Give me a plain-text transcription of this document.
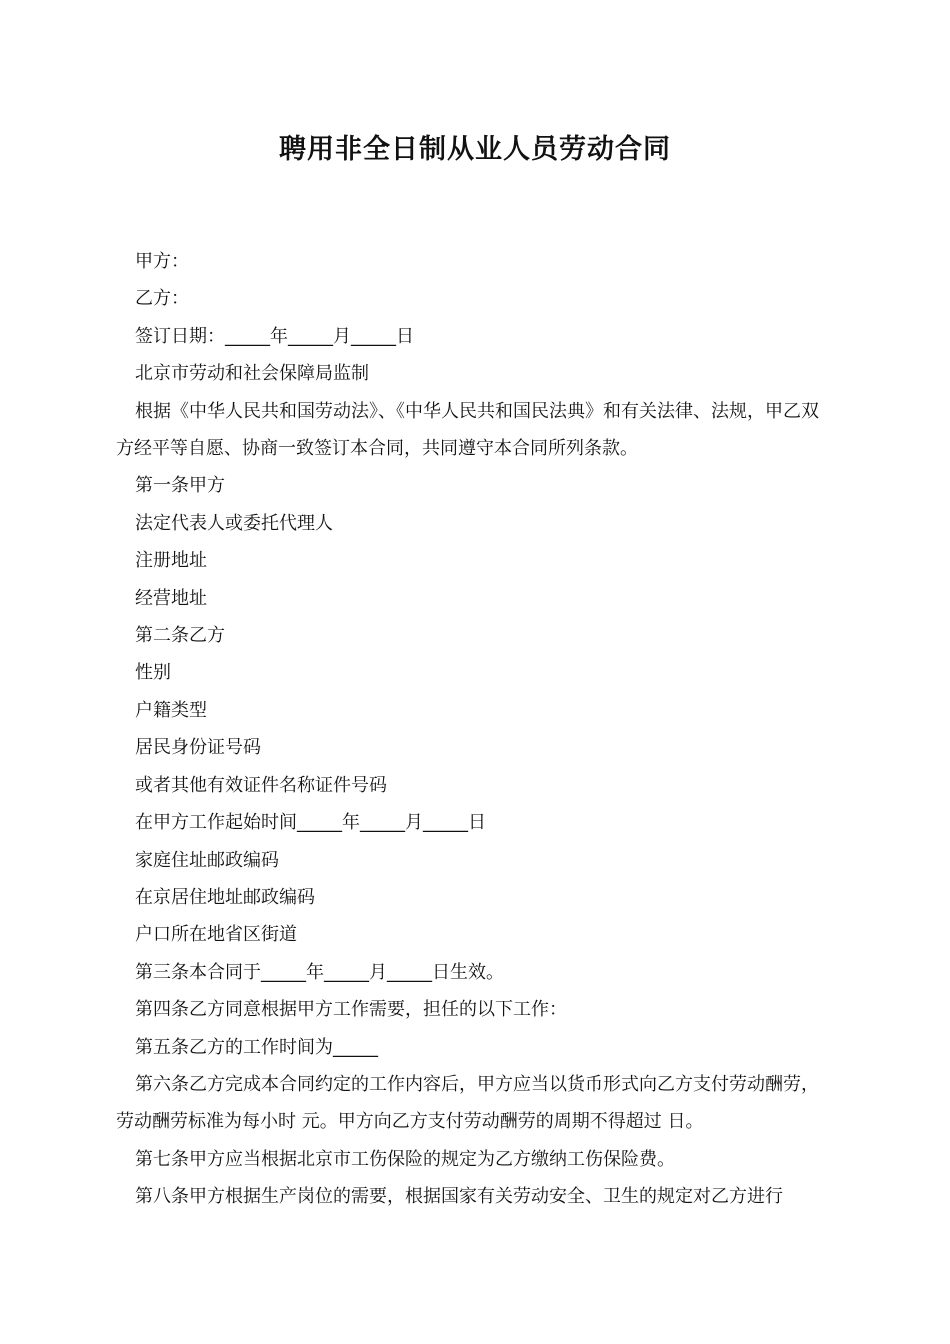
聘用非全日制从业人员劳动合同

甲方：

乙方：

签订日期：_____年_____月_____日

北京市劳动和社会保障局监制

根据《中华人民共和国劳动法》、《中华人民共和国民法典》和有关法律、法规，甲乙双方经平等自愿、协商一致签订本合同，共同遵守本合同所列条款。

第一条甲方

法定代表人或委托代理人

注册地址

经营地址

第二条乙方

性别

户籍类型

居民身份证号码

或者其他有效证件名称证件号码

在甲方工作起始时间_____年_____月_____日

家庭住址邮政编码

在京居住地址邮政编码

户口所在地省区街道

第三条本合同于_____年_____月_____日生效。

第四条乙方同意根据甲方工作需要，担任的以下工作：

第五条乙方的工作时间为_____

第六条乙方完成本合同约定的工作内容后，甲方应当以货币形式向乙方支付劳动酬劳，劳动酬劳标准为每小时 元。甲方向乙方支付劳动酬劳的周期不得超过 日。

第七条甲方应当根据北京市工伤保险的规定为乙方缴纳工伤保险费。

第八条甲方根据生产岗位的需要，根据国家有关劳动安全、卫生的规定对乙方进行
